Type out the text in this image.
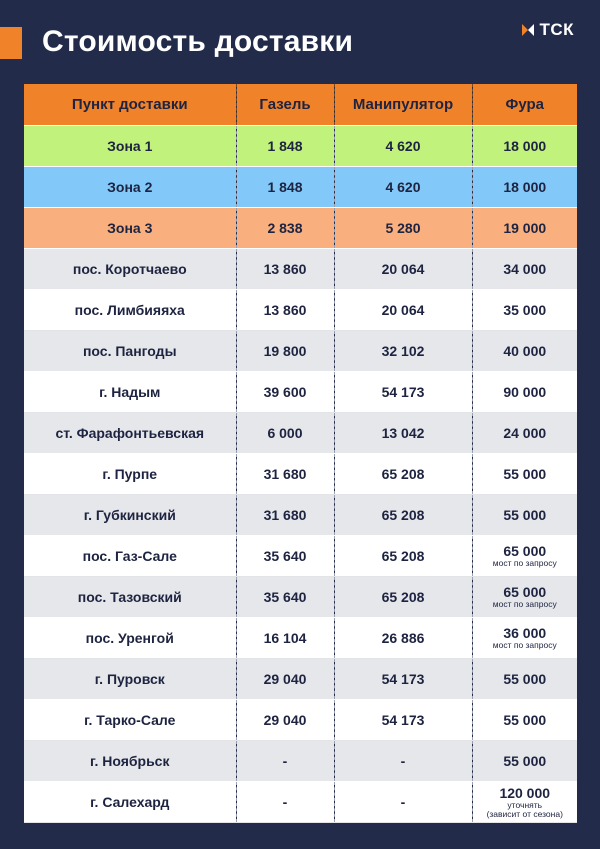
Стоимость доставки	ТСК
Пункт доставки	Газель	Манипулятор	Фура
Зона 1	1 848	4 620	18 000
Зона 2	1 848	4 620	18 000
Зона 3	2 838	5 280	19 000
пос. Коротчаево	13 860	20 064	34 000
пос. Лимбияяха	13 860	20 064	35 000
пос. Пангоды	19 800	32 102	40 000
г. Надым	39 600	54 173	90 000
ст. Фарафонтьевская	6 000	13 042	24 000
г. Пурпе	31 680	65 208	55 000
г. Губкинский	31 680	65 208	55 000
пос. Газ-Сале	35 640	65 208	65 000
мост по запросу

пос. Тазовский	35 640	65 208	65 000
мост по запросу

пос. Уренгой	16 104	26 886	36 000
мост по запросу

г. Пуровск	29 040	54 173	55 000
г. Тарко-Сале	29 040	54 173	55 000
г. Ноябрьск	-	-	55 000
г. Салехард	-	-	120 000
уточнять
(зависит от сезона)
